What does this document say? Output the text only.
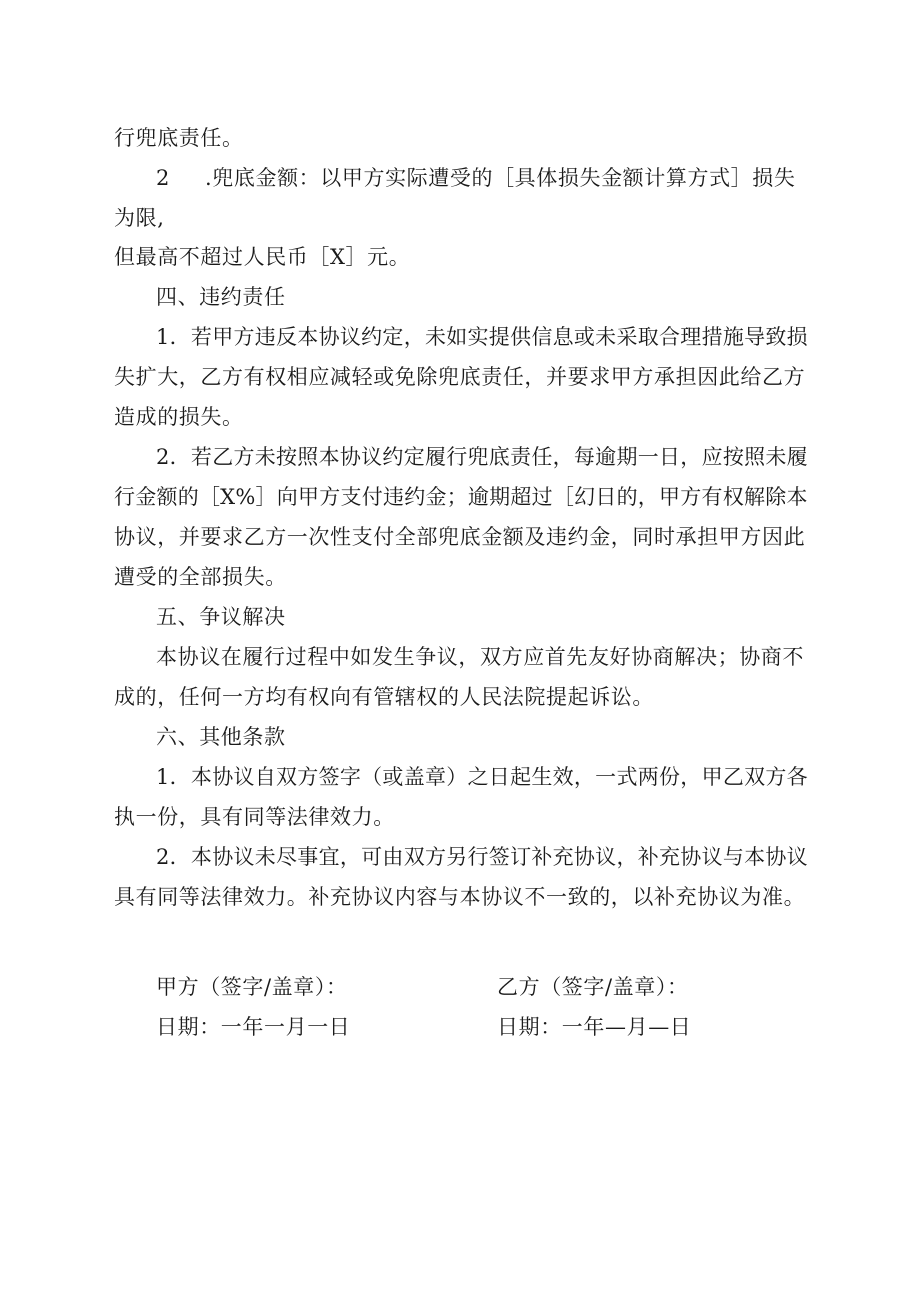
行兜底责任。
2 .兜底金额：以甲方实际遭受的［具体损失金额计算方式］损失
为限,
但最高不超过人民币［X］元。
四、违约责任
1．若甲方违反本协议约定，未如实提供信息或未采取合理措施导致损
失扩大，乙方有权相应减轻或免除兜底责任，并要求甲方承担因此给乙方
造成的损失。
2．若乙方未按照本协议约定履行兜底责任，每逾期一日，应按照未履
行金额的［X%］向甲方支付违约金；逾期超过［幻日的，甲方有权解除本
协议，并要求乙方一次性支付全部兜底金额及违约金，同时承担甲方因此
遭受的全部损失。
五、争议解决
本协议在履行过程中如发生争议，双方应首先友好协商解决；协商不
成的，任何一方均有权向有管辖权的人民法院提起诉讼。
六、其他条款
1．本协议自双方签字（或盖章）之日起生效，一式两份，甲乙双方各
执一份，具有同等法律效力。
2．本协议未尽事宜，可由双方另行签订补充协议，补充协议与本协议
具有同等法律效力。补充协议内容与本协议不一致的，以补充协议为准。
甲方（签字/盖章）：	乙方（签字/盖章）：
日期：一年一月一日	日期：一年—月—日
